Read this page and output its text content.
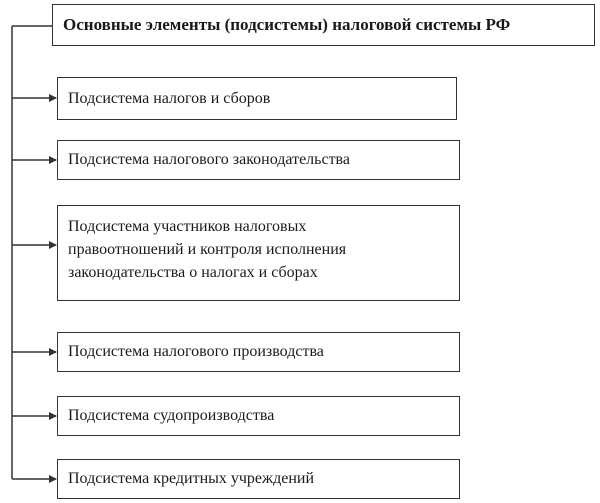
Основные элементы (подсистемы) налоговой системы РФ
Подсистема налогов и сборов
Подсистема налогового законодательства
Подсистема участников налоговых
правоотношений и контроля исполнения
законодательства о налогах и сборах
Подсистема налогового производства
Подсистема судопроизводства
Подсистема кредитных учреждений
